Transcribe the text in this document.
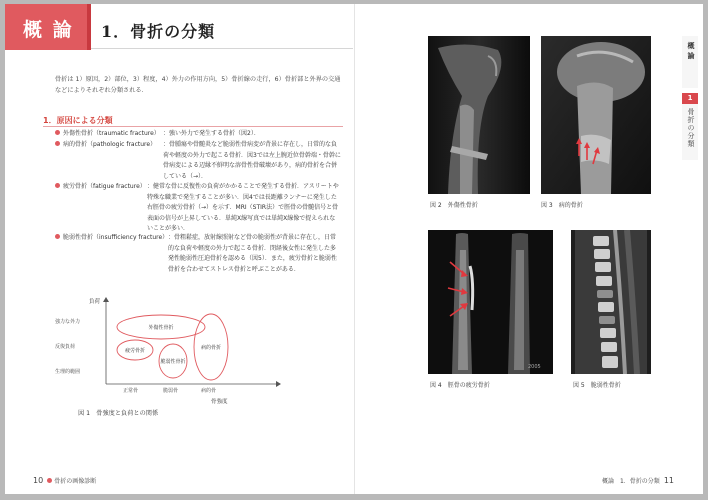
概 論 1．骨折の分類
骨折は 1）原因，2）部位，3）程度，4）外力の作用方向，5）骨折線の走行，6）骨折部と外界の交通などによりそれぞれ分類される．
1．原因による分類
外傷性骨折（traumatic fracture） ：強い外力で発生する骨折（図2）．
病的骨折（pathologic fracture） ：骨腫瘍や骨髄炎など脆弱性骨病変が背景に存在し，日常的な負荷や軽度の外力で起こる骨折．図3では左上腕近位骨幹端・骨幹に骨病変による辺縁不鮮明な溶骨性骨破壊があり，病的骨折を合併している（→）．
疲労骨折（fatigue fracture） ：健常な骨に反復性の負荷がかかることで発生する骨折．アスリートや特殊な職業で発生することが多い．図4では長距離ランナーに発生した右脛骨の疲労骨折（→）を示す．MRI（STIR法）で脛骨の骨髄信号と骨表面の信号が上昇している．単純X線写真では単純X線像で捉えられないことが多い．
脆弱性骨折（insufficiency fracture） ：骨粗鬆症，放射線照射など骨の脆弱性が背景に存在し，日常的な負荷や軽度の外力で起こる骨折．閉経後女性に発生した多発性脆弱性圧迫骨折を認める（図5）．また，疲労骨折と脆弱性骨折を合わせてストレス骨折と呼ぶことがある．
負荷
骨強度
強力な外力
反復負荷
生理的範囲
正常骨	脆弱骨	病的骨
外傷性骨折
疲労骨折
脆弱性骨折
病的骨折
図 1　骨強度と負荷との関係
10 骨折の画像診断
図 2　外傷性骨折	図 3　病的骨折
2005
図 4　脛骨の疲労骨折	図 5　脆弱性骨折
概論　1．骨折の分類 11
概論
1
骨折の分類
